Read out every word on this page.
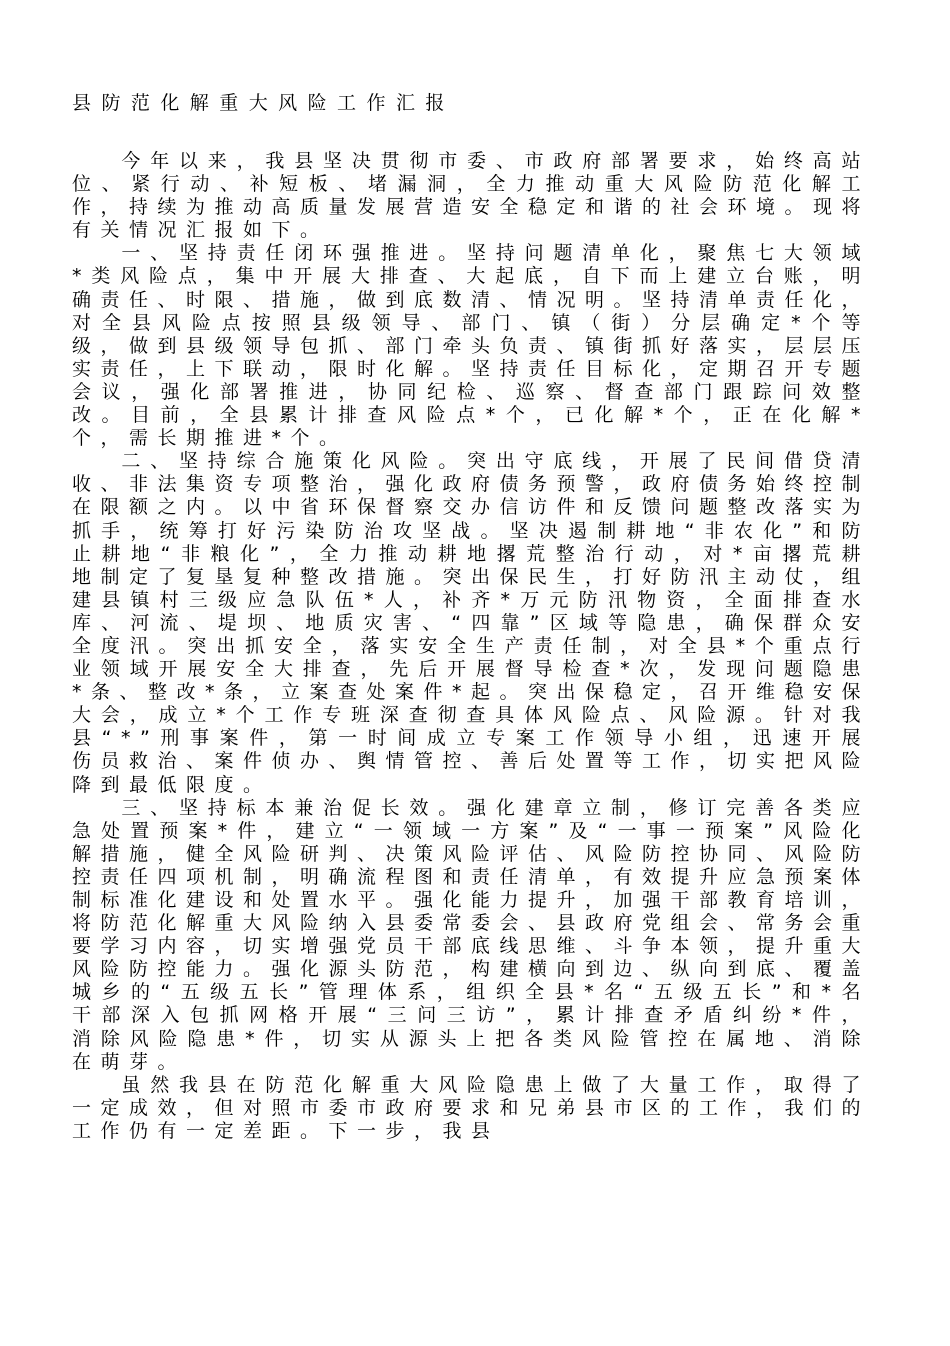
县防范化解重大风险工作汇报

今年以来，我县坚决贯彻市委、市政府部署要求，始终高站位、紧行动、补短板、堵漏洞，全力推动重大风险防范化解工作，持续为推动高质量发展营造安全稳定和谐的社会环境。现将有关情况汇报如下。

一、坚持责任闭环强推进。坚持问题清单化，聚焦七大领域*类风险点，集中开展大排查、大起底，自下而上建立台账，明确责任、时限、措施，做到底数清、情况明。坚持清单责任化，对全县风险点按照县级领导、部门、镇（街）分层确定*个等级，做到县级领导包抓、部门牵头负责、镇街抓好落实，层层压实责任，上下联动，限时化解。坚持责任目标化，定期召开专题会议，强化部署推进，协同纪检、巡察、督查部门跟踪问效整改。目前，全县累计排查风险点*个，已化解*个，正在化解*个，需长期推进*个。

二、坚持综合施策化风险。突出守底线，开展了民间借贷清收、非法集资专项整治，强化政府债务预警，政府债务始终控制在限额之内。以中省环保督察交办信访件和反馈问题整改落实为抓手，统筹打好污染防治攻坚战。坚决遏制耕地“非农化”和防止耕地“非粮化”，全力推动耕地撂荒整治行动，对*亩撂荒耕地制定了复垦复种整改措施。突出保民生，打好防汛主动仗，组建县镇村三级应急队伍*人，补齐*万元防汛物资，全面排查水库、河流、堤坝、地质灾害、“四靠”区域等隐患，确保群众安全度汛。突出抓安全，落实安全生产责任制，对全县*个重点行业领域开展安全大排查，先后开展督导检查*次，发现问题隐患*条、整改*条，立案查处案件*起。突出保稳定，召开维稳安保大会，成立*个工作专班深查彻查具体风险点、风险源。针对我县“*”刑事案件，第一时间成立专案工作领导小组，迅速开展伤员救治、案件侦办、舆情管控、善后处置等工作，切实把风险降到最低限度。

三、坚持标本兼治促长效。强化建章立制，修订完善各类应急处置预案*件，建立“一领域一方案”及“一事一预案”风险化解措施，健全风险研判、决策风险评估、风险防控协同、风险防控责任四项机制，明确流程图和责任清单，有效提升应急预案体制标准化建设和处置水平。强化能力提升，加强干部教育培训，将防范化解重大风险纳入县委常委会、县政府党组会、常务会重要学习内容，切实增强党员干部底线思维、斗争本领，提升重大风险防控能力。强化源头防范，构建横向到边、纵向到底、覆盖城乡的“五级五长”管理体系，组织全县*名“五级五长”和*名干部深入包抓网格开展“三问三访”，累计排查矛盾纠纷*件，消除风险隐患*件，切实从源头上把各类风险管控在属地、消除在萌芽。

虽然我县在防范化解重大风险隐患上做了大量工作，取得了一定成效，但对照市委市政府要求和兄弟县市区的工作，我们的工作仍有一定差距。下一步，我县
